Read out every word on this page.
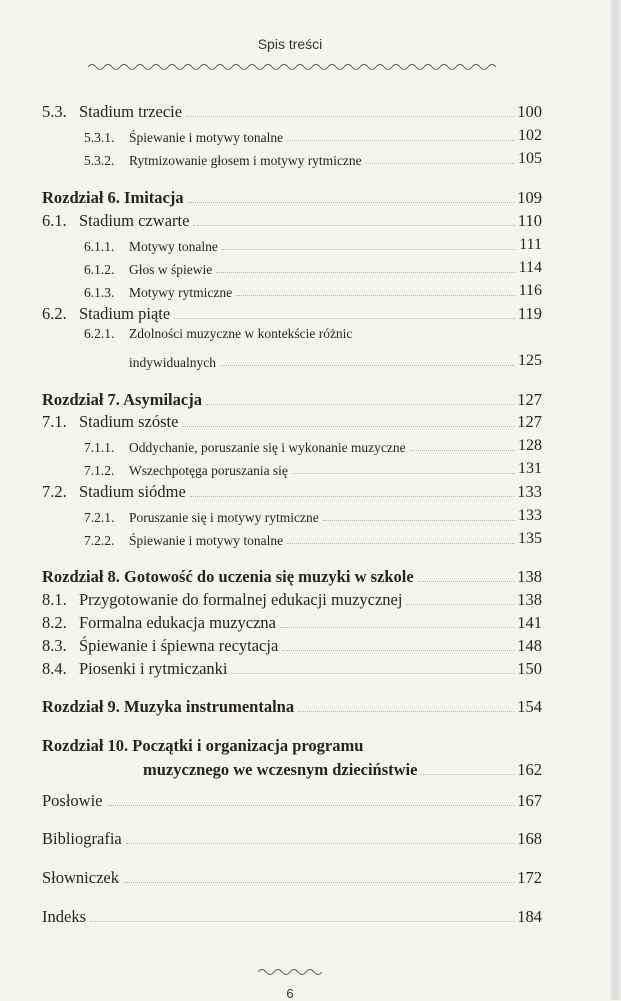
Spis treści
5.3. Stadium trzecie	100
5.3.1.	Śpiewanie i motywy tonalne	102
5.3.2.	Rytmizowanie głosem i motywy rytmiczne	105
Rozdział 6. Imitacja	109
6.1. Stadium czwarte	110
6.1.1.	Motywy tonalne	111
6.1.2.	Głos w śpiewie	114
6.1.3.	Motywy rytmiczne	116
6.2. Stadium piąte	119
6.2.1. Zdolności muzyczne w kontekście różnic
indywidualnych	125
Rozdział 7. Asymilacja	127
7.1. Stadium szóste	127
7.1.1.	Oddychanie, poruszanie się i wykonanie muzyczne	128
7.1.2.	Wszechpotęga poruszania się	131
7.2. Stadium siódme	133
7.2.1.	Poruszanie się i motywy rytmiczne	133
7.2.2.	Śpiewanie i motywy tonalne	135
Rozdział 8. Gotowość do uczenia się muzyki w szkole	138
8.1. Przygotowanie do formalnej edukacji muzycznej	138
8.2. Formalna edukacja muzyczna	141
8.3. Śpiewanie i śpiewna recytacja	148
8.4. Piosenki i rytmiczanki	150
Rozdział 9. Muzyka instrumentalna	154
Rozdział 10. Początki i organizacja programu
muzycznego we wczesnym dzieciństwie	162
Posłowie	167
Bibliografia	168
Słowniczek	172
Indeks	184
6
